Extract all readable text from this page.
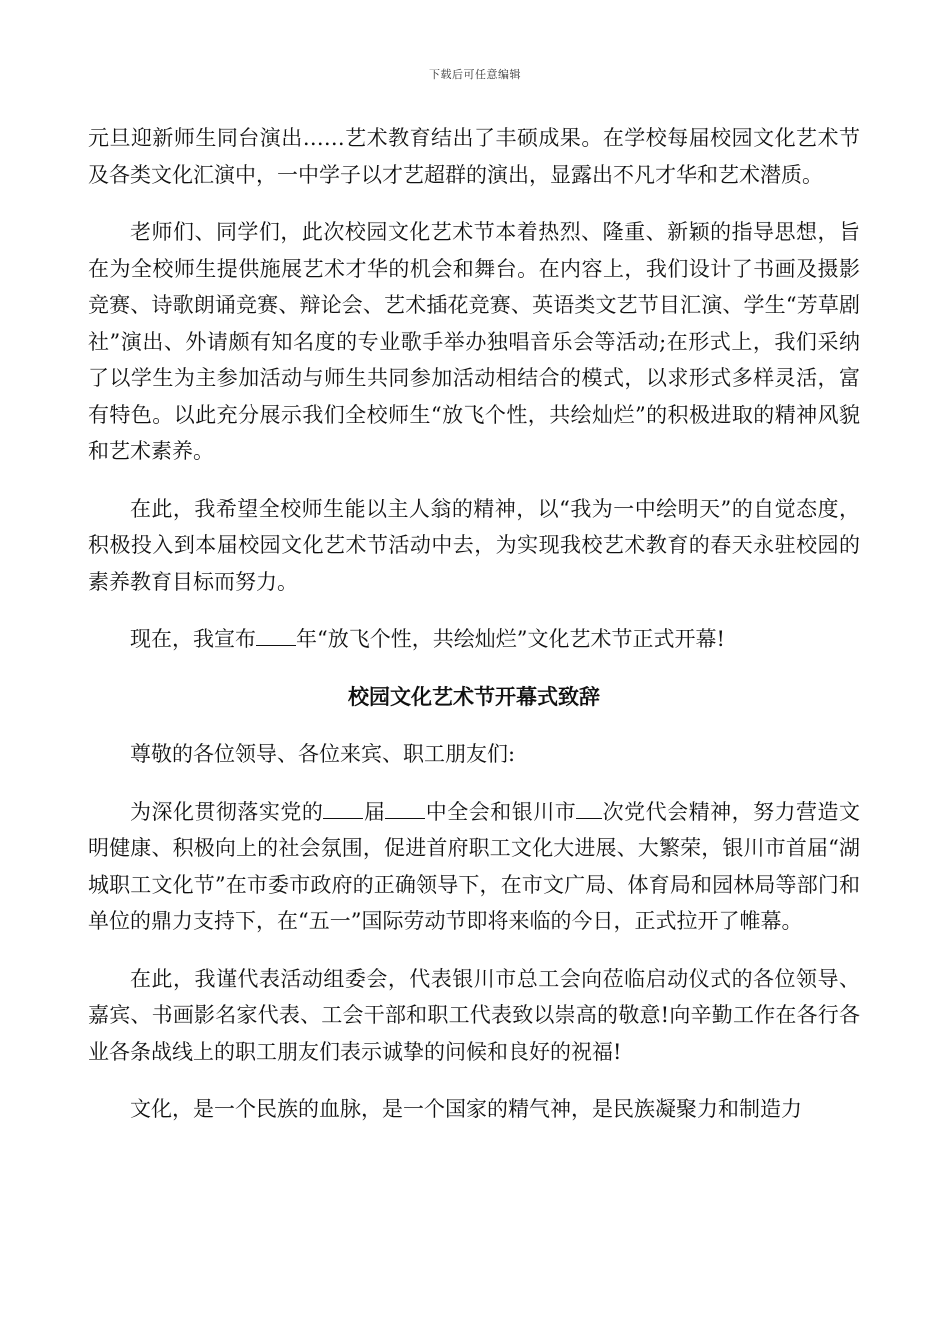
下载后可任意编辑

元旦迎新师生同台演出……艺术教育结出了丰硕成果。在学校每届校园文化艺术节及各类文化汇演中，一中学子以才艺超群的演出，显露出不凡才华和艺术潜质。

老师们、同学们，此次校园文化艺术节本着热烈、隆重、新颖的指导思想，旨在为全校师生提供施展艺术才华的机会和舞台。在内容上，我们设计了书画及摄影竞赛、诗歌朗诵竞赛、辩论会、艺术插花竞赛、英语类文艺节目汇演、学生“芳草剧社”演出、外请颇有知名度的专业歌手举办独唱音乐会等活动;在形式上，我们采纳了以学生为主参加活动与师生共同参加活动相结合的模式，以求形式多样灵活，富有特色。以此充分展示我们全校师生“放飞个性，共绘灿烂”的积极进取的精神风貌和艺术素养。

在此，我希望全校师生能以主人翁的精神，以“我为一中绘明天”的自觉态度，积极投入到本届校园文化艺术节活动中去，为实现我校艺术教育的春天永驻校园的素养教育目标而努力。

现在，我宣布 年“放飞个性，共绘灿烂”文化艺术节正式开幕!

校园文化艺术节开幕式致辞

尊敬的各位领导、各位来宾、职工朋友们:

为深化贯彻落实党的 届 中全会和银川市 次党代会精神，努力营造文明健康、积极向上的社会氛围，促进首府职工文化大进展、大繁荣，银川市首届“湖城职工文化节”在市委市政府的正确领导下，在市文广局、体育局和园林局等部门和单位的鼎力支持下，在“五一”国际劳动节即将来临的今日，正式拉开了帷幕。

在此，我谨代表活动组委会，代表银川市总工会向莅临启动仪式的各位领导、嘉宾、书画影名家代表、工会干部和职工代表致以崇高的敬意!向辛勤工作在各行各业各条战线上的职工朋友们表示诚挚的问候和良好的祝福!

文化，是一个民族的血脉，是一个国家的精气神，是民族凝聚力和制造力
